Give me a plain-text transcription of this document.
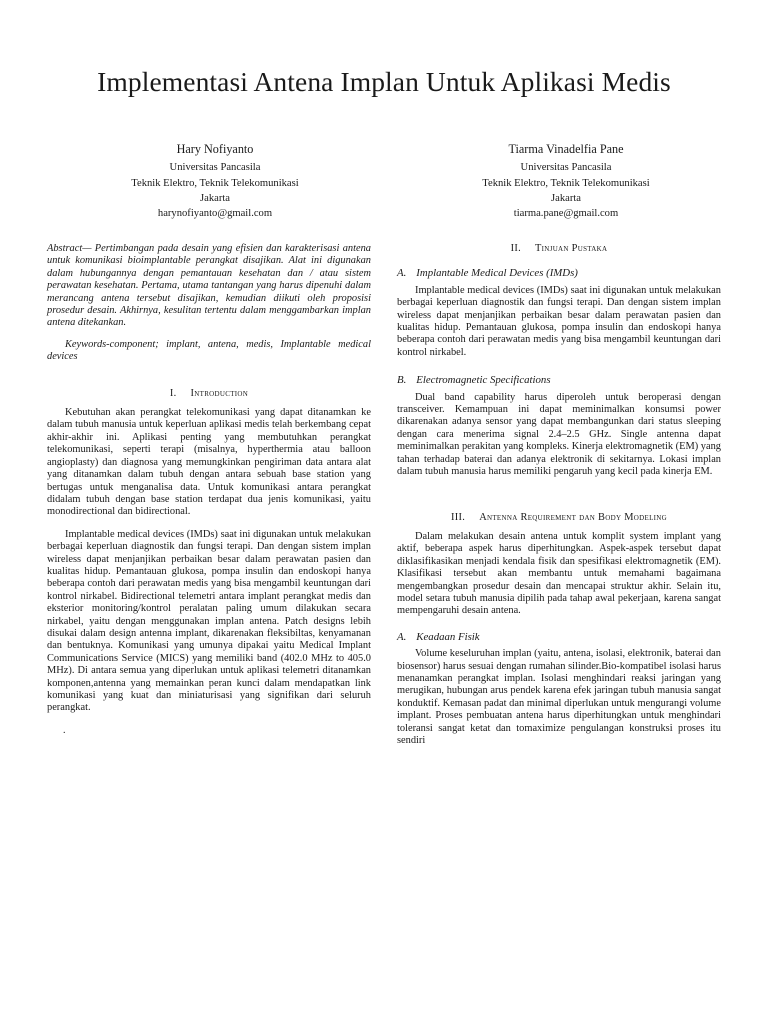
Implementasi Antena Implan Untuk Aplikasi Medis
Hary Nofiyanto
Universitas Pancasila
Teknik Elektro, Teknik Telekomunikasi
Jakarta
harynofiyanto@gmail.com
Tiarma Vinadelfia Pane
Universitas Pancasila
Teknik Elektro, Teknik Telekomunikasi
Jakarta
tiarma.pane@gmail.com

Abstract— Pertimbangan pada desain yang efisien dan karakterisasi antena untuk komunikasi bioimplantable perangkat disajikan. Alat ini digunakan dalam hubungannya dengan pemantauan kesehatan dan / atau sistem perawatan kesehatan. Pertama, utama tantangan yang harus dipenuhi dalam merancang antena tersebut disajikan, kemudian diikuti oleh proposisi prosedur desain. Akhirnya, kesulitan tertentu dalam menggambarkan implan antena ditekankan.

Keywords-component; implant, antena, medis, Implantable medical devices

I. Introduction

Kebutuhan akan perangkat telekomunikasi yang dapat ditanamkan ke dalam tubuh manusia untuk keperluan aplikasi medis telah berkembang cepat akhir-akhir ini. Aplikasi penting yang membutuhkan perangkat telekomunikasi, seperti terapi (misalnya, hyperthermia atau balloon angioplasty) dan diagnosa yang memungkinkan pengiriman data antara alat yang ditanamkan dalam tubuh dengan antara sebuah base station yang bertugas untuk menganalisa data. Untuk komunikasi antara perangkat didalam tubuh dengan base station terdapat dua jenis komunikasi, yaitu monodirectional dan bidirectional.

Implantable medical devices (IMDs) saat ini digunakan untuk melakukan berbagai keperluan diagnostik dan fungsi terapi. Dan dengan sistem implan wireless dapat menjanjikan perbaikan besar dalam perawatan pasien dan kualitas hidup. Pemantauan glukosa, pompa insulin dan endoskopi hanya beberapa contoh dari perawatan medis yang bisa mengambil keuntungan dari kontrol nirkabel. Bidirectional telemetri antara implant perangkat medis dan eksterior monitoring/kontrol peralatan paling umum dilakukan secara nirkabel, yaitu dengan menggunakan implan antena. Patch designs lebih disukai dalam design antenna implant, dikarenakan fleksibiltas, kenyamanan dan bentuknya. Komunikasi yang umunya dipakai yaitu Medical Implant Communications Service (MICS) yang memiliki band (402.0 MHz to 405.0 MHz). Di antara semua yang diperlukan untuk aplikasi telemetri ditanamkan komponen,antenna yang memainkan peran kunci dalam mendapatkan link komunikasi yang kuat dan miniaturisasi yang signifikan dari seluruh perangkat.

.

II. Tinjuan Pustaka
A. Implantable Medical Devices (IMDs)

Implantable medical devices (IMDs) saat ini digunakan untuk melakukan berbagai keperluan diagnostik dan fungsi terapi. Dan dengan sistem implan wireless dapat menjanjikan perbaikan besar dalam perawatan pasien dan kualitas hidup. Pemantauan glukosa, pompa insulin dan endoskopi hanya beberapa contoh dari perawatan medis yang bisa mengambil keuntungan dari kontrol nirkabel.

B. Electromagnetic Specifications

Dual band capability harus diperoleh untuk beroperasi dengan transceiver. Kemampuan ini dapat meminimalkan konsumsi power dikarenakan adanya sensor yang dapat membangunkan dari status sleeping dengan cara menerima signal 2.4–2.5 GHz. Single antenna dapat meminimalkan perakitan yang kompleks. Kinerja elektromagnetik (EM) yang tahan terhadap baterai dan adanya elektronik di sekitarnya. Lokasi implan dalam tubuh manusia harus memiliki pengaruh yang kecil pada kinerja EM.

III. Antenna Requirement dan Body Modeling

Dalam melakukan desain antena untuk komplit system implant yang aktif, beberapa aspek harus diperhitungkan. Aspek-aspek tersebut dapat diklasifikasikan menjadi kendala fisik dan spesifikasi elektromagnetik (EM). Klasifikasi tersebut akan membantu untuk memahami bagaimana mengembangkan prosedur desain dan mencapai struktur akhir. Selain itu, model setara tubuh manusia dipilih pada tahap awal pekerjaan, karena sangat mempengaruhi desain antena.

A. Keadaan Fisik

Volume keseluruhan implan (yaitu, antena, isolasi, elektronik, baterai dan biosensor) harus sesuai dengan rumahan silinder.Bio-kompatibel isolasi harus menanamkan perangkat implan. Isolasi menghindari reaksi jaringan yang merugikan, hubungan arus pendek karena efek jaringan tubuh manusia sangat konduktif. Kemasan padat dan minimal diperlukan untuk mengurangi volume implant. Proses pembuatan antena harus diperhitungkan untuk menghindari toleransi sangat ketat dan tomaximize pengulangan konstruksi proses itu sendiri
